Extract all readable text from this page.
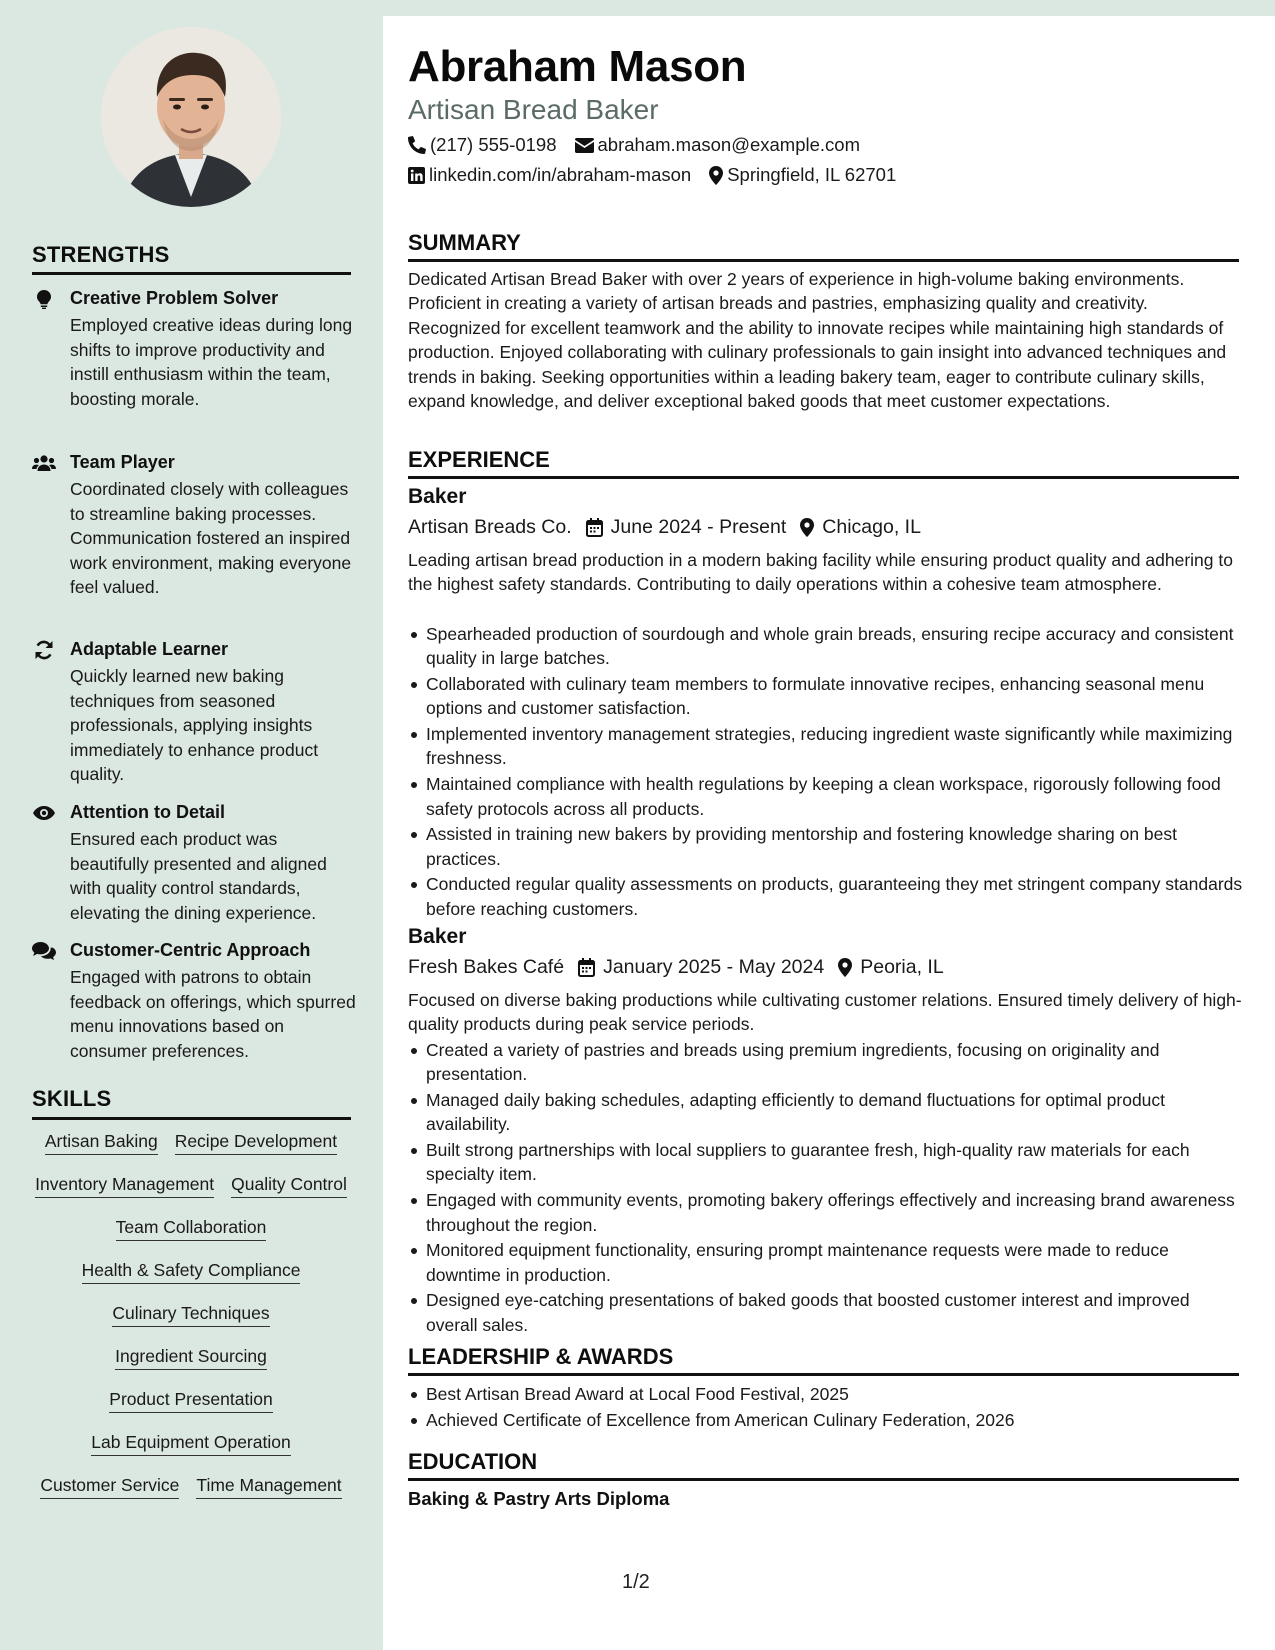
STRENGTHS
Creative Problem Solver
Employed creative ideas during long shifts to improve productivity and instill enthusiasm within the team, boosting morale.
Team Player
Coordinated closely with colleagues to streamline baking processes. Communication fostered an inspired work environment, making everyone feel valued.
Adaptable Learner
Quickly learned new baking techniques from seasoned professionals, applying insights immediately to enhance product quality.
Attention to Detail
Ensured each product was beautifully presented and aligned with quality control standards, elevating the dining experience.
Customer-Centric Approach
Engaged with patrons to obtain feedback on offerings, which spurred menu innovations based on consumer preferences.
SKILLS
Artisan Baking Recipe Development
Inventory Management Quality Control
Team Collaboration
Health & Safety Compliance
Culinary Techniques
Ingredient Sourcing
Product Presentation
Lab Equipment Operation
Customer Service Time Management
Abraham Mason
Artisan Bread Baker
(217) 555-0198 abraham.mason@example.com
linkedin.com/in/abraham-mason Springfield, IL 62701
SUMMARY
Dedicated Artisan Bread Baker with over 2 years of experience in high-volume baking environments. Proficient in creating a variety of artisan breads and pastries, emphasizing quality and creativity. Recognized for excellent teamwork and the ability to innovate recipes while maintaining high standards of production. Enjoyed collaborating with culinary professionals to gain insight into advanced techniques and trends in baking. Seeking opportunities within a leading bakery team, eager to contribute culinary skills, expand knowledge, and deliver exceptional baked goods that meet customer expectations.
EXPERIENCE
Baker
Artisan Breads Co. June 2024 - Present Chicago, IL
Leading artisan bread production in a modern baking facility while ensuring product quality and adhering to the highest safety standards. Contributing to daily operations within a cohesive team atmosphere.
Spearheaded production of sourdough and whole grain breads, ensuring recipe accuracy and consistent quality in large batches.
Collaborated with culinary team members to formulate innovative recipes, enhancing seasonal menu options and customer satisfaction.
Implemented inventory management strategies, reducing ingredient waste significantly while maximizing freshness.
Maintained compliance with health regulations by keeping a clean workspace, rigorously following food safety protocols across all products.
Assisted in training new bakers by providing mentorship and fostering knowledge sharing on best practices.
Conducted regular quality assessments on products, guaranteeing they met stringent company standards before reaching customers.
Baker
Fresh Bakes Café January 2025 - May 2024 Peoria, IL
Focused on diverse baking productions while cultivating customer relations. Ensured timely delivery of high-quality products during peak service periods.
Created a variety of pastries and breads using premium ingredients, focusing on originality and presentation.
Managed daily baking schedules, adapting efficiently to demand fluctuations for optimal product availability.
Built strong partnerships with local suppliers to guarantee fresh, high-quality raw materials for each specialty item.
Engaged with community events, promoting bakery offerings effectively and increasing brand awareness throughout the region.
Monitored equipment functionality, ensuring prompt maintenance requests were made to reduce downtime in production.
Designed eye-catching presentations of baked goods that boosted customer interest and improved overall sales.
LEADERSHIP & AWARDS
Best Artisan Bread Award at Local Food Festival, 2025
Achieved Certificate of Excellence from American Culinary Federation, 2026
EDUCATION
Baking & Pastry Arts Diploma
1/2
